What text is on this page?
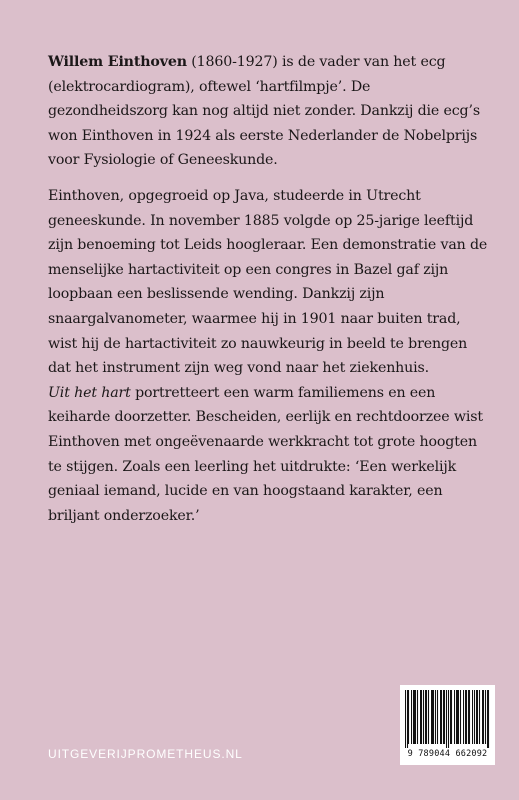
Willem Einthoven (1860-1927) is de vader van het ecg (elektrocardiogram), oftewel ‘hartfilmpje’. De gezondheidszorg kan nog altijd niet zonder. Dankzij die ecg’s won Einthoven in 1924 als eerste Nederlander de Nobelprijs voor Fysiologie of Geneeskunde.

Einthoven, opgegroeid op Java, studeerde in Utrecht geneeskunde. In november 1885 volgde op 25-jarige leeftijd zijn benoeming tot Leids hoogleraar. Een demonstratie van de menselijke hartactiviteit op een congres in Bazel gaf zijn loopbaan een beslissende wending. Dankzij zijn snaargalvanometer, waarmee hij in 1901 naar buiten trad, wist hij de hartactiviteit zo nauwkeurig in beeld te brengen dat het instrument zijn weg vond naar het ziekenhuis.
Uit het hart portretteert een warm familiemens en een keiharde doorzetter. Bescheiden, eerlijk en rechtdoorzee wist Einthoven met ongeëvenaarde werkkracht tot grote hoogten te stijgen. Zoals een leerling het uitdrukte: ‘Een werkelijk geniaal iemand, lucide en van hoogstaand karakter, een briljant onderzoeker.’

9 789044 662092
UITGEVERIJPROMETHEUS.NL
